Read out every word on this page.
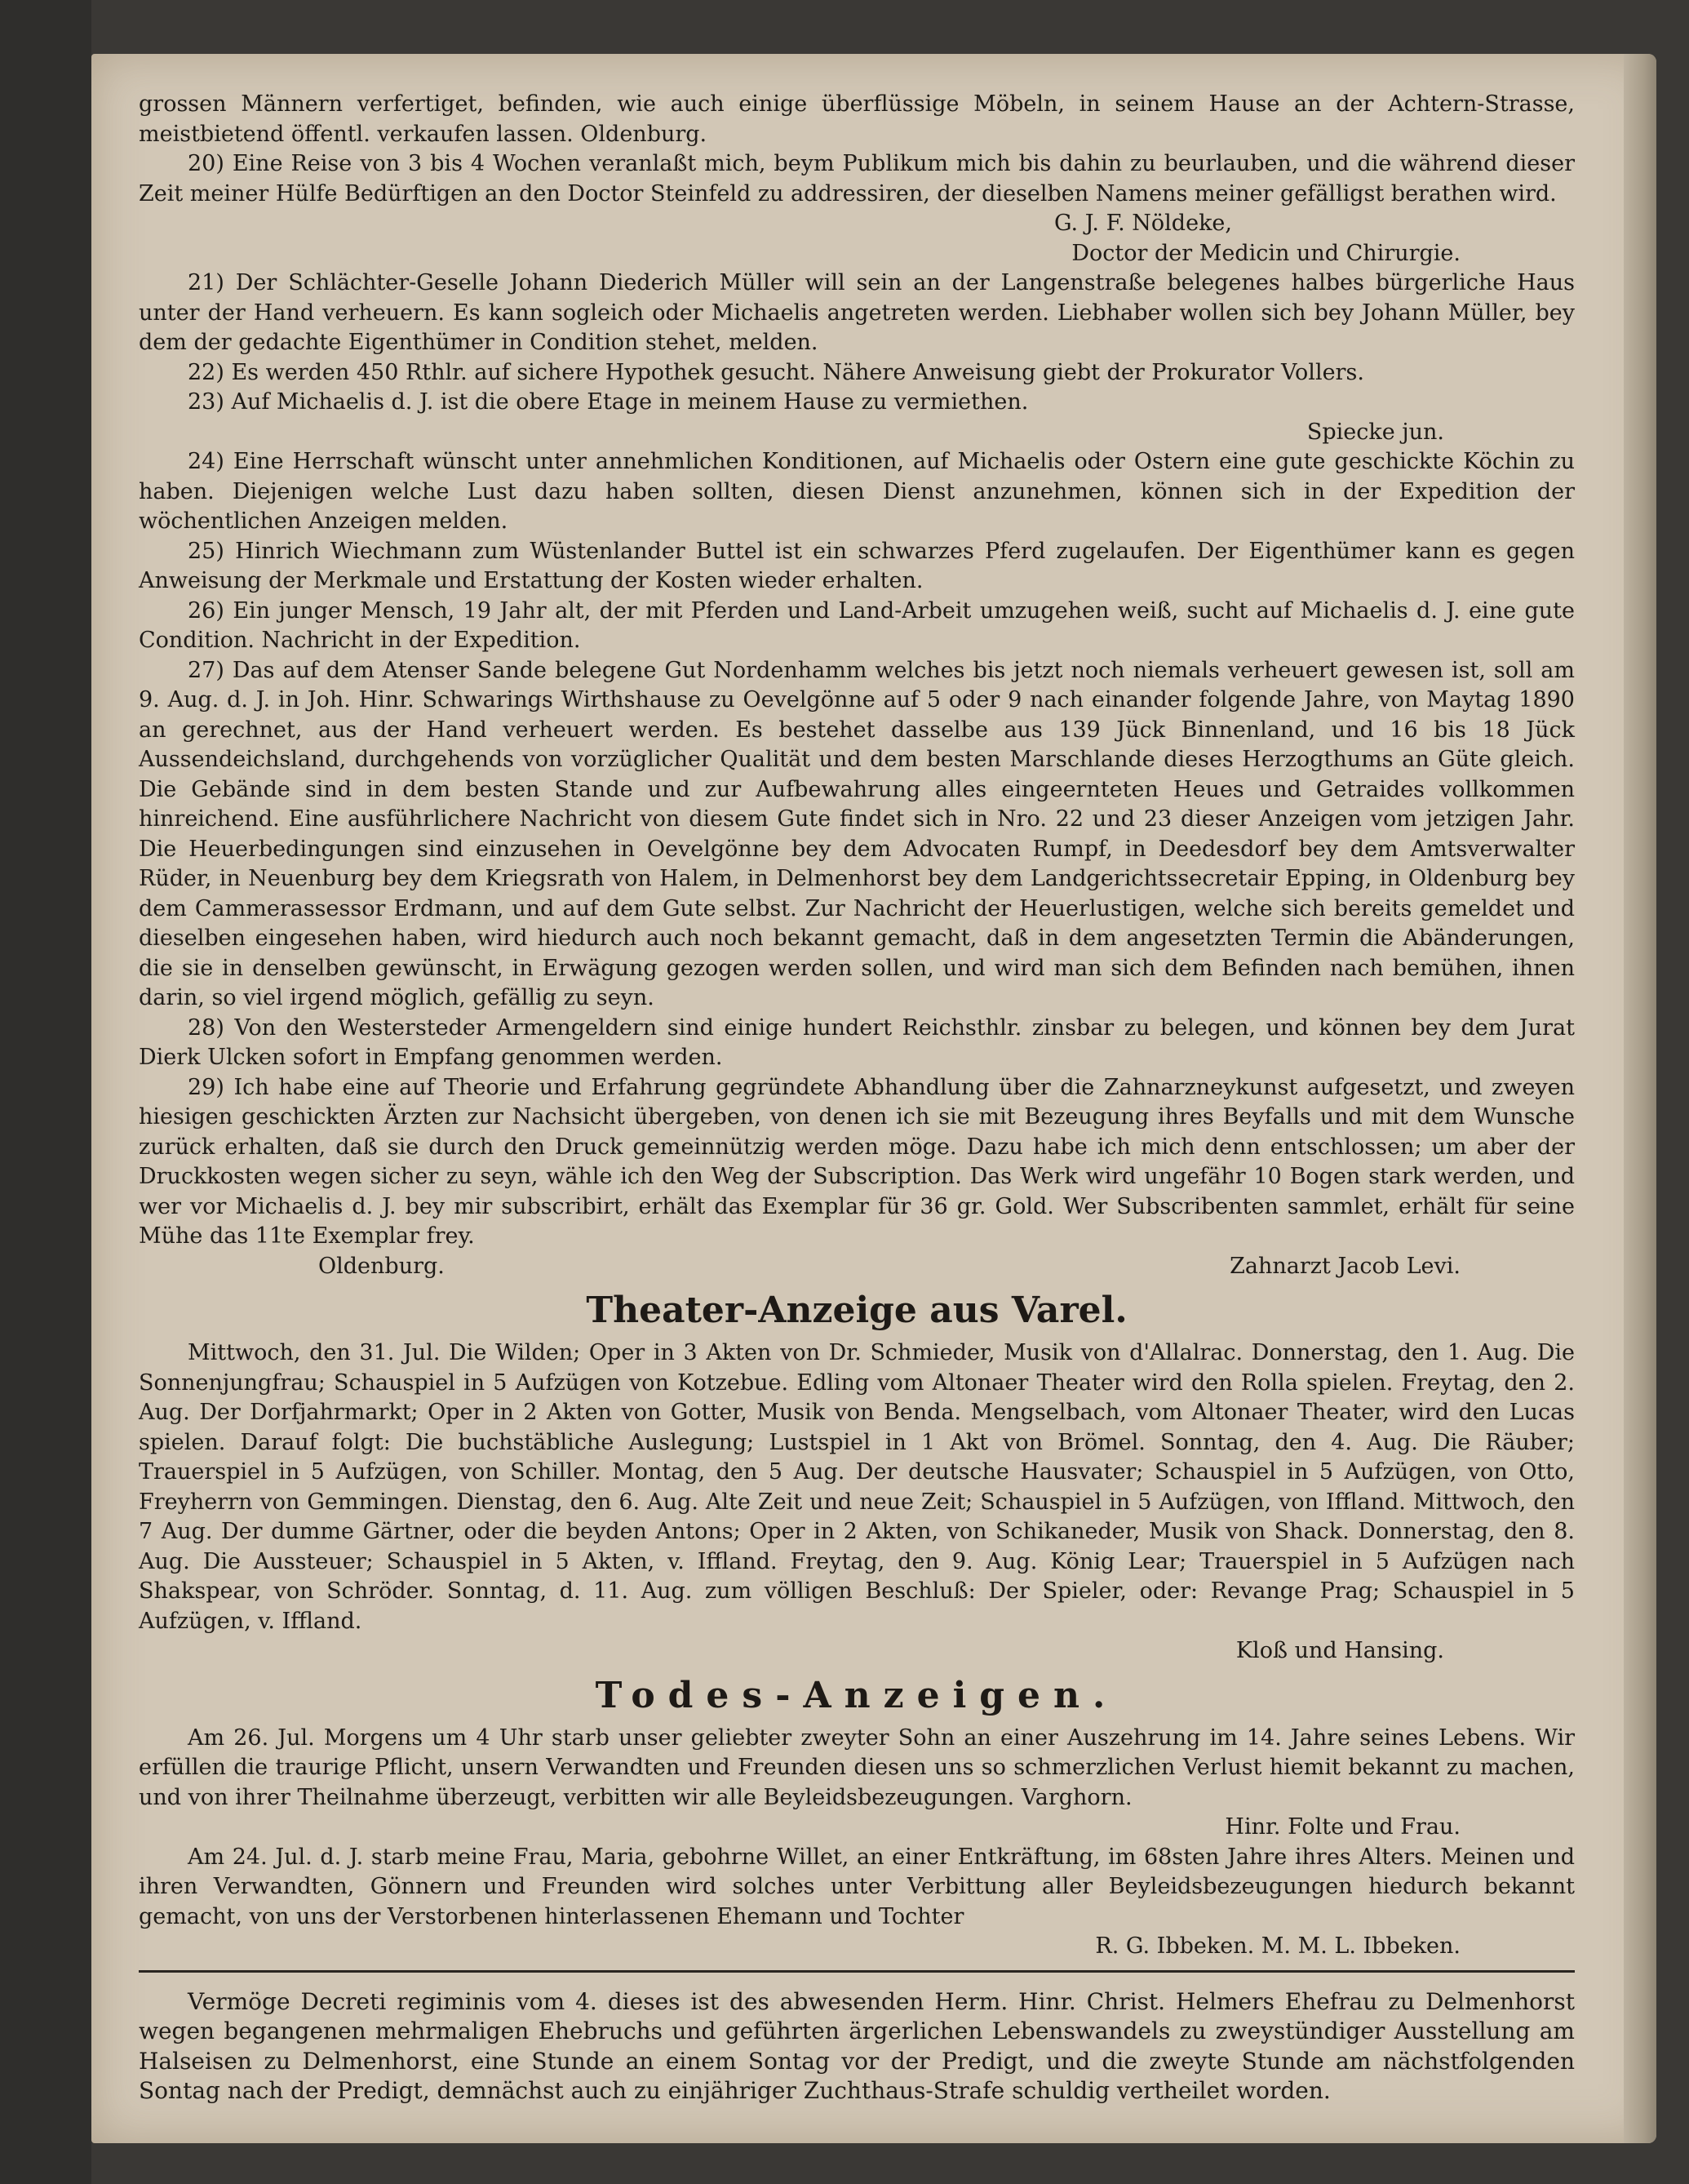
grossen Männern verfertiget, befinden, wie auch einige überflüssige Möbeln, in seinem Hause an der Achtern-Strasse, meistbietend öffentl. verkaufen lassen. Oldenburg.

20) Eine Reise von 3 bis 4 Wochen veranlaßt mich, beym Publikum mich bis dahin zu beurlauben, und die während dieser Zeit meiner Hülfe Bedürftigen an den Doctor Steinfeld zu addressiren, der dieselben Namens meiner gefälligst berathen wird.

G. J. F. Nöldeke,

Doctor der Medicin und Chirurgie.

21) Der Schlächter-Geselle Johann Diederich Müller will sein an der Langenstraße belegenes halbes bürgerliche Haus unter der Hand verheuern. Es kann sogleich oder Michaelis angetreten werden. Liebhaber wollen sich bey Johann Müller, bey dem der gedachte Eigenthümer in Condition stehet, melden.

22) Es werden 450 Rthlr. auf sichere Hypothek gesucht. Nähere Anweisung giebt der Prokurator Vollers.

23) Auf Michaelis d. J. ist die obere Etage in meinem Hause zu vermiethen.

Spiecke jun.

24) Eine Herrschaft wünscht unter annehmlichen Konditionen, auf Michaelis oder Ostern eine gute geschickte Köchin zu haben. Diejenigen welche Lust dazu haben sollten, diesen Dienst anzunehmen, können sich in der Expedition der wöchentlichen Anzeigen melden.

25) Hinrich Wiechmann zum Wüstenlander Buttel ist ein schwarzes Pferd zugelaufen. Der Eigenthümer kann es gegen Anweisung der Merkmale und Erstattung der Kosten wieder erhalten.

26) Ein junger Mensch, 19 Jahr alt, der mit Pferden und Land-Arbeit umzugehen weiß, sucht auf Michaelis d. J. eine gute Condition. Nachricht in der Expedition.

27) Das auf dem Atenser Sande belegene Gut Nordenhamm welches bis jetzt noch niemals verheuert gewesen ist, soll am 9. Aug. d. J. in Joh. Hinr. Schwarings Wirthshause zu Oevelgönne auf 5 oder 9 nach einander folgende Jahre, von Maytag 1890 an gerechnet, aus der Hand verheuert werden. Es bestehet dasselbe aus 139 Jück Binnenland, und 16 bis 18 Jück Aussendeichsland, durchgehends von vorzüglicher Qualität und dem besten Marschlande dieses Herzogthums an Güte gleich. Die Gebände sind in dem besten Stande und zur Aufbewahrung alles eingeernteten Heues und Getraides vollkommen hinreichend. Eine ausführlichere Nachricht von diesem Gute findet sich in Nro. 22 und 23 dieser Anzeigen vom jetzigen Jahr. Die Heuerbedingungen sind einzusehen in Oevelgönne bey dem Advocaten Rumpf, in Deedesdorf bey dem Amtsverwalter Rüder, in Neuenburg bey dem Kriegsrath von Halem, in Delmenhorst bey dem Landgerichtssecretair Epping, in Oldenburg bey dem Cammerassessor Erdmann, und auf dem Gute selbst. Zur Nachricht der Heuerlustigen, welche sich bereits gemeldet und dieselben eingesehen haben, wird hiedurch auch noch bekannt gemacht, daß in dem angesetzten Termin die Abänderungen, die sie in denselben gewünscht, in Erwägung gezogen werden sollen, und wird man sich dem Befinden nach bemühen, ihnen darin, so viel irgend möglich, gefällig zu seyn.

28) Von den Westersteder Armengeldern sind einige hundert Reichsthlr. zinsbar zu belegen, und können bey dem Jurat Dierk Ulcken sofort in Empfang genommen werden.

29) Ich habe eine auf Theorie und Erfahrung gegründete Abhandlung über die Zahnarzneykunst aufgesetzt, und zweyen hiesigen geschickten Ärzten zur Nachsicht übergeben, von denen ich sie mit Bezeugung ihres Beyfalls und mit dem Wunsche zurück erhalten, daß sie durch den Druck gemeinnützig werden möge. Dazu habe ich mich denn entschlossen; um aber der Druckkosten wegen sicher zu seyn, wähle ich den Weg der Subscription. Das Werk wird ungefähr 10 Bogen stark werden, und wer vor Michaelis d. J. bey mir subscribirt, erhält das Exemplar für 36 gr. Gold. Wer Subscribenten sammlet, erhält für seine Mühe das 11te Exemplar frey.

Oldenburg.	Zahnarzt Jacob Levi.

Theater-Anzeige aus Varel.

Mittwoch, den 31. Jul. Die Wilden; Oper in 3 Akten von Dr. Schmieder, Musik von d'Allalrac. Donnerstag, den 1. Aug. Die Sonnenjungfrau; Schauspiel in 5 Aufzügen von Kotzebue. Edling vom Altonaer Theater wird den Rolla spielen. Freytag, den 2. Aug. Der Dorfjahrmarkt; Oper in 2 Akten von Gotter, Musik von Benda. Mengselbach, vom Altonaer Theater, wird den Lucas spielen. Darauf folgt: Die buchstäbliche Auslegung; Lustspiel in 1 Akt von Brömel. Sonntag, den 4. Aug. Die Räuber; Trauerspiel in 5 Aufzügen, von Schiller. Montag, den 5 Aug. Der deutsche Hausvater; Schauspiel in 5 Aufzügen, von Otto, Freyherrn von Gemmingen. Dienstag, den 6. Aug. Alte Zeit und neue Zeit; Schauspiel in 5 Aufzügen, von Iffland. Mittwoch, den 7 Aug. Der dumme Gärtner, oder die beyden Antons; Oper in 2 Akten, von Schikaneder, Musik von Shack. Donnerstag, den 8. Aug. Die Aussteuer; Schauspiel in 5 Akten, v. Iffland. Freytag, den 9. Aug. König Lear; Trauerspiel in 5 Aufzügen nach Shakspear, von Schröder. Sonntag, d. 11. Aug. zum völligen Beschluß: Der Spieler, oder: Revange Prag; Schauspiel in 5 Aufzügen, v. Iffland.

Kloß und Hansing.

Todes-Anzeigen.

Am 26. Jul. Morgens um 4 Uhr starb unser geliebter zweyter Sohn an einer Auszehrung im 14. Jahre seines Lebens. Wir erfüllen die traurige Pflicht, unsern Verwandten und Freunden diesen uns so schmerzlichen Verlust hiemit bekannt zu machen, und von ihrer Theilnahme überzeugt, verbitten wir alle Beyleidsbezeugungen. Varghorn.

Hinr. Folte und Frau.

Am 24. Jul. d. J. starb meine Frau, Maria, gebohrne Willet, an einer Entkräftung, im 68sten Jahre ihres Alters. Meinen und ihren Verwandten, Gönnern und Freunden wird solches unter Verbittung aller Beyleidsbezeugungen hiedurch bekannt gemacht, von uns der Verstorbenen hinterlassenen Ehemann und Tochter

R. G. Ibbeken. M. M. L. Ibbeken.

Vermöge Decreti regiminis vom 4. dieses ist des abwesenden Herm. Hinr. Christ. Helmers Ehefrau zu Delmenhorst wegen begangenen mehrmaligen Ehebruchs und geführten ärgerlichen Lebenswandels zu zweystündiger Ausstellung am Halseisen zu Delmenhorst, eine Stunde an einem Sontag vor der Predigt, und die zweyte Stunde am nächstfolgenden Sontag nach der Predigt, demnächst auch zu einjähriger Zuchthaus-Strafe schuldig vertheilet worden.
